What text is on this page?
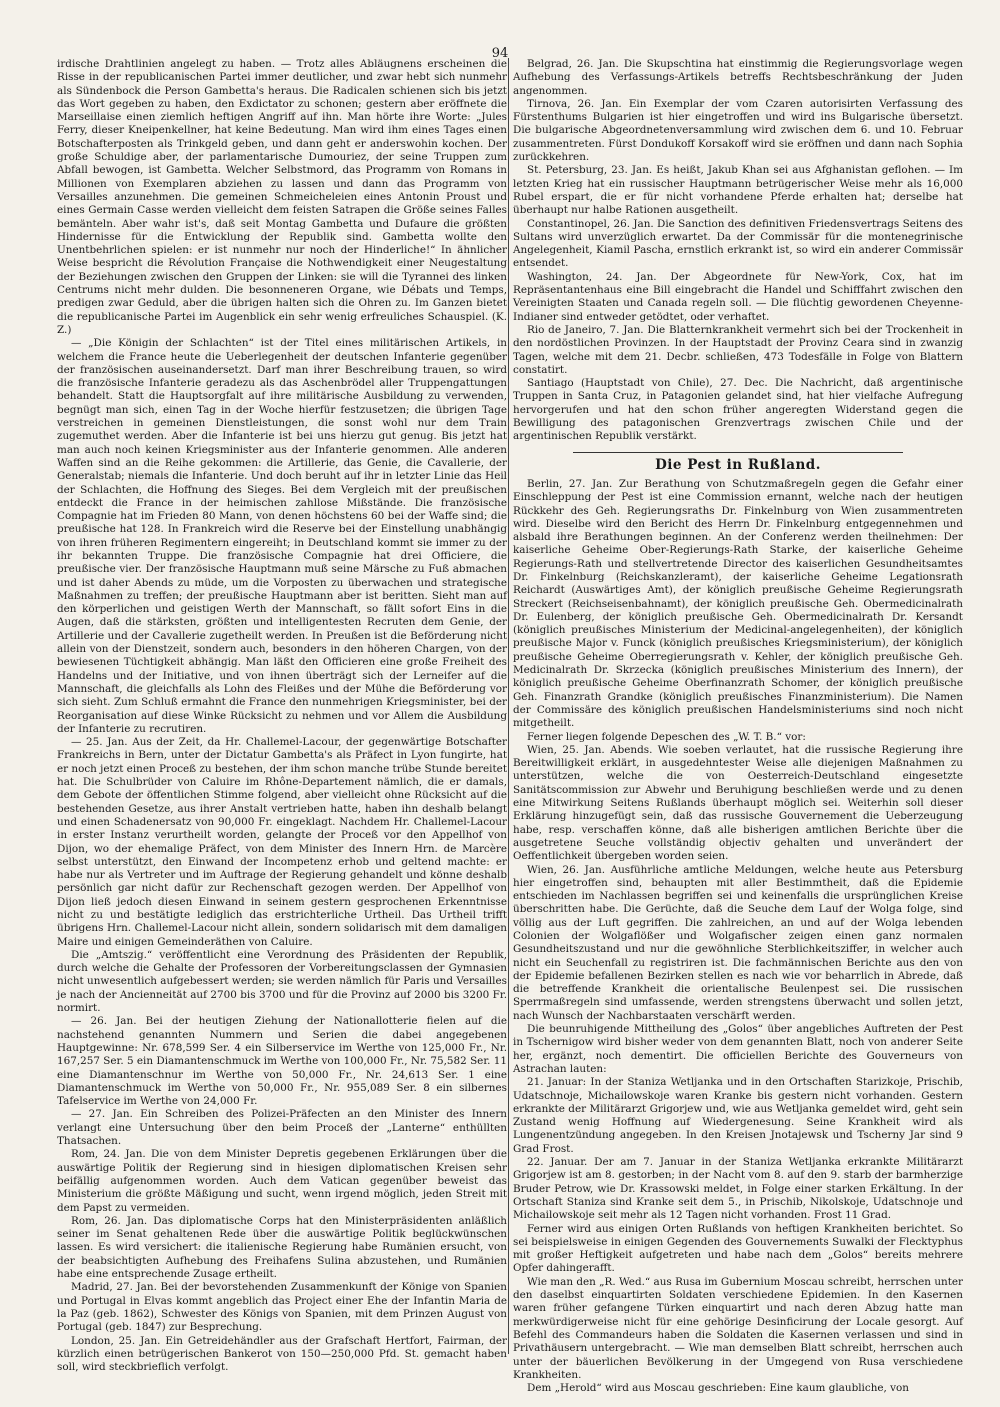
94

irdische Drahtlinien angelegt zu haben. — Trotz alles Abläugnens erscheinen die Risse in der republicanischen Partei immer deutlicher, und zwar hebt sich nunmehr als Sündenbock die Person Gambetta's heraus. Die Radicalen schienen sich bis jetzt das Wort gegeben zu haben, den Exdictator zu schonen; gestern aber eröffnete die Marseillaise einen ziemlich heftigen Angriff auf ihn. Man hörte ihre Worte: „Jules Ferry, dieser Kneipenkellner, hat keine Bedeutung. Man wird ihm eines Tages einen Botschafterposten als Trinkgeld geben, und dann geht er anderswohin kochen. Der große Schuldige aber, der parlamentarische Dumouriez, der seine Truppen zum Abfall bewogen, ist Gambetta. Welcher Selbstmord, das Programm von Romans in Millionen von Exemplaren abziehen zu lassen und dann das Programm von Versailles anzunehmen. Die gemeinen Schmeicheleien eines Antonin Proust und eines Germain Casse werden vielleicht dem feisten Satrapen die Größe seines Falles bemänteln. Aber wahr ist's, daß seit Montag Gambetta und Dufaure die größten Hindernisse für die Entwicklung der Republik sind. Gambetta wollte den Unentbehrlichen spielen: er ist nunmehr nur noch der Hinderliche!“ In ähnlicher Weise bespricht die Révolution Française die Nothwendigkeit einer Neugestaltung der Beziehungen zwischen den Gruppen der Linken: sie will die Tyrannei des linken Centrums nicht mehr dulden. Die besonneneren Organe, wie Débats und Temps, predigen zwar Geduld, aber die übrigen halten sich die Ohren zu. Im Ganzen bietet die republicanische Partei im Augenblick ein sehr wenig erfreuliches Schauspiel. (K. Z.)

— „Die Königin der Schlachten“ ist der Titel eines militärischen Artikels, in welchem die France heute die Ueberlegenheit der deutschen Infanterie gegenüber der französischen auseinandersetzt. Darf man ihrer Beschreibung trauen, so wird die französische Infanterie geradezu als das Aschenbrödel aller Truppengattungen behandelt. Statt die Hauptsorgfalt auf ihre militärische Ausbildung zu verwenden, begnügt man sich, einen Tag in der Woche hierfür festzusetzen; die übrigen Tage verstreichen in gemeinen Dienstleistungen, die sonst wohl nur dem Train zugemuthet werden. Aber die Infanterie ist bei uns hierzu gut genug. Bis jetzt hat man auch noch keinen Kriegsminister aus der Infanterie genommen. Alle anderen Waffen sind an die Reihe gekommen: die Artillerie, das Genie, die Cavallerie, der Generalstab; niemals die Infanterie. Und doch beruht auf ihr in letzter Linie das Heil der Schlachten, die Hoffnung des Sieges. Bei dem Vergleich mit der preußischen entdeckt die France in der heimischen zahllose Mißstände. Die französische Compagnie hat im Frieden 80 Mann, von denen höchstens 60 bei der Waffe sind; die preußische hat 128. In Frankreich wird die Reserve bei der Einstellung unabhängig von ihren früheren Regimentern eingereiht; in Deutschland kommt sie immer zu der ihr bekannten Truppe. Die französische Compagnie hat drei Officiere, die preußische vier. Der französische Hauptmann muß seine Märsche zu Fuß abmachen und ist daher Abends zu müde, um die Vorposten zu überwachen und strategische Maßnahmen zu treffen; der preußische Hauptmann aber ist beritten. Sieht man auf den körperlichen und geistigen Werth der Mannschaft, so fällt sofort Eins in die Augen, daß die stärksten, größten und intelligentesten Recruten dem Genie, der Artillerie und der Cavallerie zugetheilt werden. In Preußen ist die Beförderung nicht allein von der Dienstzeit, sondern auch, besonders in den höheren Chargen, von der bewiesenen Tüchtigkeit abhängig. Man läßt den Officieren eine große Freiheit des Handelns und der Initiative, und von ihnen überträgt sich der Lerneifer auf die Mannschaft, die gleichfalls als Lohn des Fleißes und der Mühe die Beförderung vor sich sieht. Zum Schluß ermahnt die France den nunmehrigen Kriegsminister, bei der Reorganisation auf diese Winke Rücksicht zu nehmen und vor Allem die Ausbildung der Infanterie zu recrutiren.

— 25. Jan. Aus der Zeit, da Hr. Challemel-Lacour, der gegenwärtige Botschafter Frankreichs in Bern, unter der Dictatur Gambetta's als Präfect in Lyon fungirte, hat er noch jetzt einen Proceß zu bestehen, der ihm schon manche trübe Stunde bereitet hat. Die Schulbrüder von Caluire im Rhône-Departement nämlich, die er damals, dem Gebote der öffentlichen Stimme folgend, aber vielleicht ohne Rücksicht auf die bestehenden Gesetze, aus ihrer Anstalt vertrieben hatte, haben ihn deshalb belangt und einen Schadenersatz von 90,000 Fr. eingeklagt. Nachdem Hr. Challemel-Lacour in erster Instanz verurtheilt worden, gelangte der Proceß vor den Appellhof von Dijon, wo der ehemalige Präfect, von dem Minister des Innern Hrn. de Marcère selbst unterstützt, den Einwand der Incompetenz erhob und geltend machte: er habe nur als Vertreter und im Auftrage der Regierung gehandelt und könne deshalb persönlich gar nicht dafür zur Rechenschaft gezogen werden. Der Appellhof von Dijon ließ jedoch diesen Einwand in seinem gestern gesprochenen Erkenntnisse nicht zu und bestätigte lediglich das erstrichterliche Urtheil. Das Urtheil trifft übrigens Hrn. Challemel-Lacour nicht allein, sondern solidarisch mit dem damaligen Maire und einigen Gemeinderäthen von Caluire.

Die „Amtszig.“ veröffentlicht eine Verordnung des Präsidenten der Republik, durch welche die Gehalte der Professoren der Vorbereitungsclassen der Gymnasien nicht unwesentlich aufgebessert werden; sie werden nämlich für Paris und Versailles je nach der Ancienneität auf 2700 bis 3700 und für die Provinz auf 2000 bis 3200 Fr. normirt.

— 26. Jan. Bei der heutigen Ziehung der Nationallotterie fielen auf die nachstehend genannten Nummern und Serien die dabei angegebenen Hauptgewinne: Nr. 678,599 Ser. 4 ein Silberservice im Werthe von 125,000 Fr., Nr. 167,257 Ser. 5 ein Diamantenschmuck im Werthe von 100,000 Fr., Nr. 75,582 Ser. 11 eine Diamantenschnur im Werthe von 50,000 Fr., Nr. 24,613 Ser. 1 eine Diamantenschmuck im Werthe von 50,000 Fr., Nr. 955,089 Ser. 8 ein silbernes Tafelservice im Werthe von 24,000 Fr.

— 27. Jan. Ein Schreiben des Polizei-Präfecten an den Minister des Innern verlangt eine Untersuchung über den beim Proceß der „Lanterne“ enthüllten Thatsachen.

Rom, 24. Jan. Die von dem Minister Depretis gegebenen Erklärungen über die auswärtige Politik der Regierung sind in hiesigen diplomatischen Kreisen sehr beifällig aufgenommen worden. Auch dem Vatican gegenüber beweist das Ministerium die größte Mäßigung und sucht, wenn irgend möglich, jeden Streit mit dem Papst zu vermeiden.

Rom, 26. Jan. Das diplomatische Corps hat den Ministerpräsidenten anläßlich seiner im Senat gehaltenen Rede über die auswärtige Politik beglückwünschen lassen. Es wird versichert: die italienische Regierung habe Rumänien ersucht, von der beabsichtigten Aufhebung des Freihafens Sulina abzustehen, und Rumänien habe eine entsprechende Zusage ertheilt.

Madrid, 27. Jan. Bei der bevorstehenden Zusammenkunft der Könige von Spanien und Portugal in Elvas kommt angeblich das Project einer Ehe der Infantin Maria de la Paz (geb. 1862), Schwester des Königs von Spanien, mit dem Prinzen August von Portugal (geb. 1847) zur Besprechung.

London, 25. Jan. Ein Getreidehändler aus der Grafschaft Hertfort, Fairman, der kürzlich einen betrügerischen Bankerot von 150—250,000 Pfd. St. gemacht haben soll, wird steckbrieflich verfolgt.

Belgrad, 26. Jan. Die Skupschtina hat einstimmig die Regierungsvorlage wegen Aufhebung des Verfassungs-Artikels betreffs Rechtsbeschränkung der Juden angenommen.

Tirnova, 26. Jan. Ein Exemplar der vom Czaren autorisirten Verfassung des Fürstenthums Bulgarien ist hier eingetroffen und wird ins Bulgarische übersetzt. Die bulgarische Abgeordnetenversammlung wird zwischen dem 6. und 10. Februar zusammentreten. Fürst Dondukoff Korsakoff wird sie eröffnen und dann nach Sophia zurückkehren.

St. Petersburg, 23. Jan. Es heißt, Jakub Khan sei aus Afghanistan geflohen. — Im letzten Krieg hat ein russischer Hauptmann betrügerischer Weise mehr als 16,000 Rubel erspart, die er für nicht vorhandene Pferde erhalten hat; derselbe hat überhaupt nur halbe Rationen ausgetheilt.

Constantinopel, 26. Jan. Die Sanction des definitiven Friedensvertrags Seitens des Sultans wird unverzüglich erwartet. Da der Commissär für die montenegrinische Angelegenheit, Kiamil Pascha, ernstlich erkrankt ist, so wird ein anderer Commissär entsendet.

Washington, 24. Jan. Der Abgeordnete für New-York, Cox, hat im Repräsentantenhaus eine Bill eingebracht die Handel und Schifffahrt zwischen den Vereinigten Staaten und Canada regeln soll. — Die flüchtig gewordenen Cheyenne-Indianer sind entweder getödtet, oder verhaftet.

Rio de Janeiro, 7. Jan. Die Blatternkrankheit vermehrt sich bei der Trockenheit in den nordöstlichen Provinzen. In der Hauptstadt der Provinz Ceara sind in zwanzig Tagen, welche mit dem 21. Decbr. schließen, 473 Todesfälle in Folge von Blattern constatirt.

Santiago (Hauptstadt von Chile), 27. Dec. Die Nachricht, daß argentinische Truppen in Santa Cruz, in Patagonien gelandet sind, hat hier vielfache Aufregung hervorgerufen und hat den schon früher angeregten Widerstand gegen die Bewilligung des patagonischen Grenzvertrags zwischen Chile und der argentinischen Republik verstärkt.

Die Pest in Rußland.

Berlin, 27. Jan. Zur Berathung von Schutzmaßregeln gegen die Gefahr einer Einschleppung der Pest ist eine Commission ernannt, welche nach der heutigen Rückkehr des Geh. Regierungsraths Dr. Finkelnburg von Wien zusammentreten wird. Dieselbe wird den Bericht des Herrn Dr. Finkelnburg entgegennehmen und alsbald ihre Berathungen beginnen. An der Conferenz werden theilnehmen: Der kaiserliche Geheime Ober-Regierungs-Rath Starke, der kaiserliche Geheime Regierungs-Rath und stellvertretende Director des kaiserlichen Gesundheitsamtes Dr. Finkelnburg (Reichskanzleramt), der kaiserliche Geheime Legationsrath Reichardt (Auswärtiges Amt), der königlich preußische Geheime Regierungsrath Streckert (Reichseisenbahnamt), der königlich preußische Geh. Obermedicinalrath Dr. Eulenberg, der königlich preußische Geh. Obermedicinalrath Dr. Kersandt (königlich preußisches Ministerium der Medicinal-angelegenheiten), der königlich preußische Major v. Funck (königlich preußisches Kriegsministerium), der königlich preußische Geheime Oberregierungsrath v. Kehler, der königlich preußische Geh. Medicinalrath Dr. Skrzecka (königlich preußisches Ministerium des Innern), der königlich preußische Geheime Oberfinanzrath Schomer, der königlich preußische Geh. Finanzrath Grandke (königlich preußisches Finanzministerium). Die Namen der Commissäre des königlich preußischen Handelsministeriums sind noch nicht mitgetheilt.

Ferner liegen folgende Depeschen des „W. T. B.“ vor:

Wien, 25. Jan. Abends. Wie soeben verlautet, hat die russische Regierung ihre Bereitwilligkeit erklärt, in ausgedehntester Weise alle diejenigen Maßnahmen zu unterstützen, welche die von Oesterreich-Deutschland eingesetzte Sanitätscommission zur Abwehr und Beruhigung beschließen werde und zu denen eine Mitwirkung Seitens Rußlands überhaupt möglich sei. Weiterhin soll dieser Erklärung hinzugefügt sein, daß das russische Gouvernement die Ueberzeugung habe, resp. verschaffen könne, daß alle bisherigen amtlichen Berichte über die ausgetretene Seuche vollständig objectiv gehalten und unverändert der Oeffentlichkeit übergeben worden seien.

Wien, 26. Jan. Ausführliche amtliche Meldungen, welche heute aus Petersburg hier eingetroffen sind, behaupten mit aller Bestimmtheit, daß die Epidemie entschieden im Nachlassen begriffen sei und keinenfalls die ursprünglichen Kreise überschritten habe. Die Gerüchte, daß die Seuche dem Lauf der Wolga folge, sind völlig aus der Luft gegriffen. Die zahlreichen, an und auf der Wolga lebenden Colonien der Wolgaflößer und Wolgafischer zeigen einen ganz normalen Gesundheitszustand und nur die gewöhnliche Sterblichkeitsziffer, in welcher auch nicht ein Seuchenfall zu registriren ist. Die fachmännischen Berichte aus den von der Epidemie befallenen Bezirken stellen es nach wie vor beharrlich in Abrede, daß die betreffende Krankheit die orientalische Beulenpest sei. Die russischen Sperrmaßregeln sind umfassende, werden strengstens überwacht und sollen jetzt, nach Wunsch der Nachbarstaaten verschärft werden.

Die beunruhigende Mittheilung des „Golos“ über angebliches Auftreten der Pest in Tschernigow wird bisher weder von dem genannten Blatt, noch von anderer Seite her, ergänzt, noch dementirt. Die officiellen Berichte des Gouverneurs von Astrachan lauten:

21. Januar: In der Staniza Wetljanka und in den Ortschaften Starizkoje, Prischib, Udatschnoje, Michailowskoje waren Kranke bis gestern nicht vorhanden. Gestern erkrankte der Militärarzt Grigorjew und, wie aus Wetljanka gemeldet wird, geht sein Zustand wenig Hoffnung auf Wiedergenesung. Seine Krankheit wird als Lungenentzündung angegeben. In den Kreisen Jnotajewsk und Tscherny Jar sind 9 Grad Frost.

22. Januar. Der am 7. Januar in der Staniza Wetljanka erkrankte Militärarzt Grigorjew ist am 8. gestorben; in der Nacht vom 8. auf den 9. starb der barmherzige Bruder Petrow, wie Dr. Krassowski meldet, in Folge einer starken Erkältung. In der Ortschaft Staniza sind Kranke seit dem 5., in Prischib, Nikolskoje, Udatschnoje und Michailowskoje seit mehr als 12 Tagen nicht vorhanden. Frost 11 Grad.

Ferner wird aus einigen Orten Rußlands von heftigen Krankheiten berichtet. So sei beispielsweise in einigen Gegenden des Gouvernements Suwalki der Flecktyphus mit großer Heftigkeit aufgetreten und habe nach dem „Golos“ bereits mehrere Opfer dahingerafft.

Wie man den „R. Wed.“ aus Rusa im Gubernium Moscau schreibt, herrschen unter den daselbst einquartirten Soldaten verschiedene Epidemien. In den Kasernen waren früher gefangene Türken einquartirt und nach deren Abzug hatte man merkwürdigerweise nicht für eine gehörige Desinficirung der Locale gesorgt. Auf Befehl des Commandeurs haben die Soldaten die Kasernen verlassen und sind in Privathäusern untergebracht. — Wie man demselben Blatt schreibt, herrschen auch unter der bäuerlichen Bevölkerung in der Umgegend von Rusa verschiedene Krankheiten.

Dem „Herold“ wird aus Moscau geschrieben: Eine kaum glaubliche, von
